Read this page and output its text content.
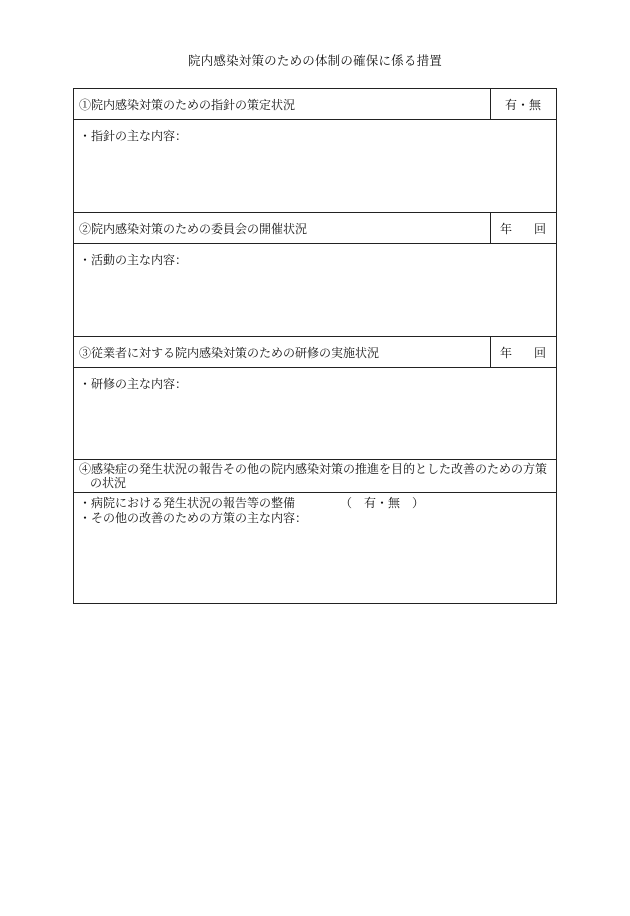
院内感染対策のための体制の確保に係る措置
①院内感染対策のための指針の策定状況	有・無
・指針の主な内容：
②院内感染対策のための委員会の開催状況	年 回
・活動の主な内容：
③従業者に対する院内感染対策のための研修の実施状況	年 回
・研修の主な内容：
④感染症の発生状況の報告その他の院内感染対策の推進を目的とした改善のための方策
の状況
・病院における発生状況の報告等の整備	（　有・無　）
・その他の改善のための方策の主な内容：
